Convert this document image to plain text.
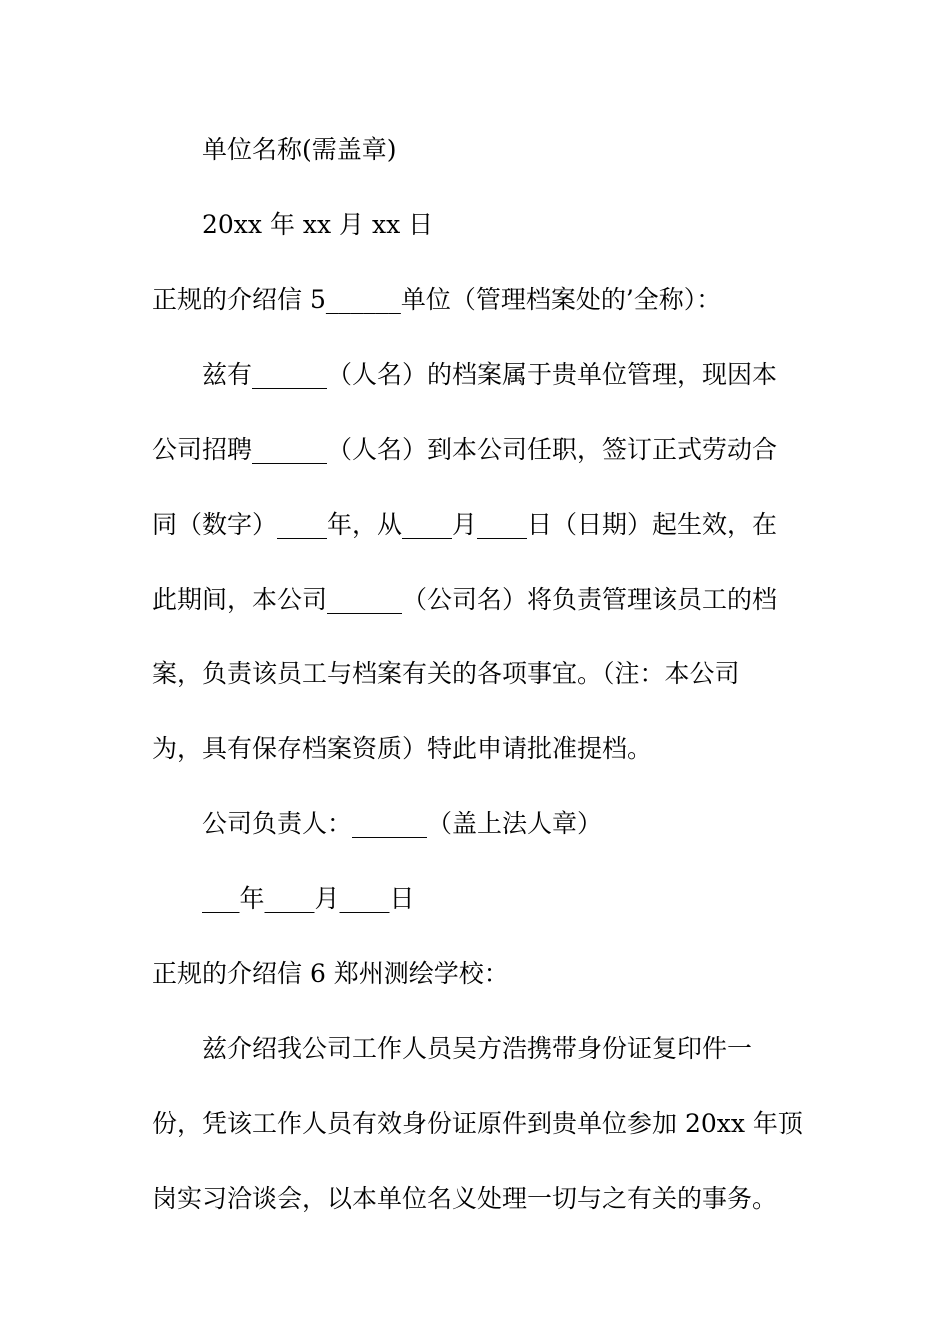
单位名称(需盖章)
20xx 年 xx 月 xx 日
正规的介绍信 5______单位（管理档案处的’全称）：
兹有______（人名）的档案属于贵单位管理，现因本
公司招聘______（人名）到本公司任职，签订正式劳动合
同（数字）____年，从____月____日（日期）起生效，在
此期间，本公司______（公司名）将负责管理该员工的档
案，负责该员工与档案有关的各项事宜。（注：本公司
为，具有保存档案资质）特此申请批准提档。
公司负责人：______（盖上法人章）
___年____月____日
正规的介绍信 6 郑州测绘学校：
兹介绍我公司工作人员吴方浩携带身份证复印件一
份，凭该工作人员有效身份证原件到贵单位参加 20xx 年顶
岗实习洽谈会，以本单位名义处理一切与之有关的事务。
